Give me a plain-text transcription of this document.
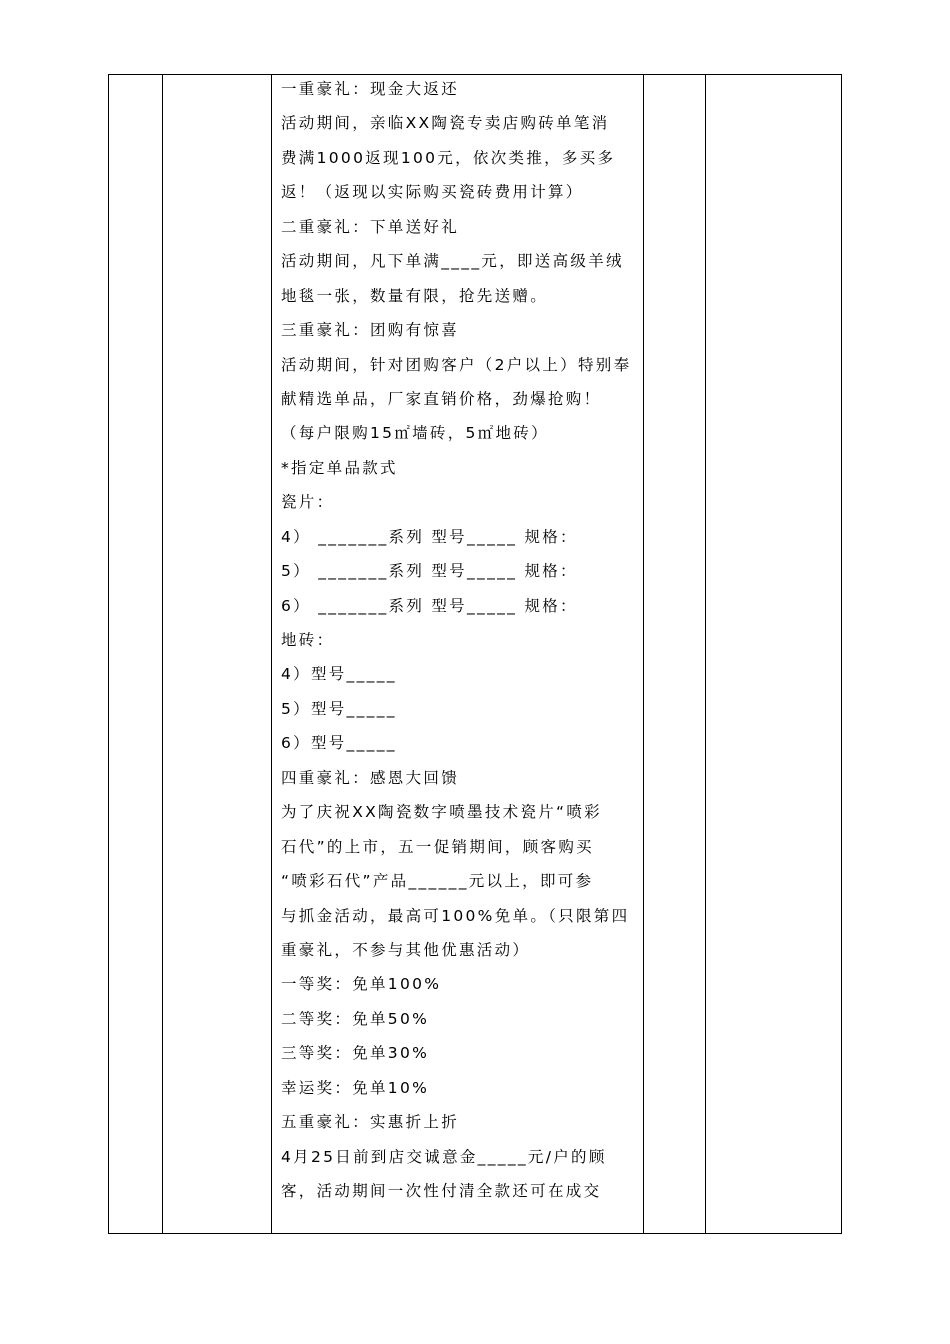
一重豪礼：现金大返还
活动期间，亲临XX陶瓷专卖店购砖单笔消
费满1000返现100元，依次类推，多买多
返！（返现以实际购买瓷砖费用计算）
二重豪礼：下单送好礼
活动期间，凡下单满____元，即送高级羊绒
地毯一张，数量有限，抢先送赠。
三重豪礼：团购有惊喜
活动期间，针对团购客户（2户以上）特别奉
献精选单品，厂家直销价格，劲爆抢购！
（每户限购15㎡墙砖，5㎡地砖）
*指定单品款式
瓷片：
4） _______系列 型号_____ 规格：
5） _______系列 型号_____ 规格：
6） _______系列 型号_____ 规格：
地砖：
4）型号_____
5）型号_____
6）型号_____
四重豪礼：感恩大回馈
为了庆祝XX陶瓷数字喷墨技术瓷片“喷彩
石代”的上市，五一促销期间，顾客购买
“喷彩石代”产品______元以上，即可参
与抓金活动，最高可100%免单。（只限第四
重豪礼，不参与其他优惠活动）
一等奖：免单100%
二等奖：免单50%
三等奖：免单30%
幸运奖：免单10%
五重豪礼：实惠折上折
4月25日前到店交诚意金_____元/户的顾
客，活动期间一次性付清全款还可在成交
